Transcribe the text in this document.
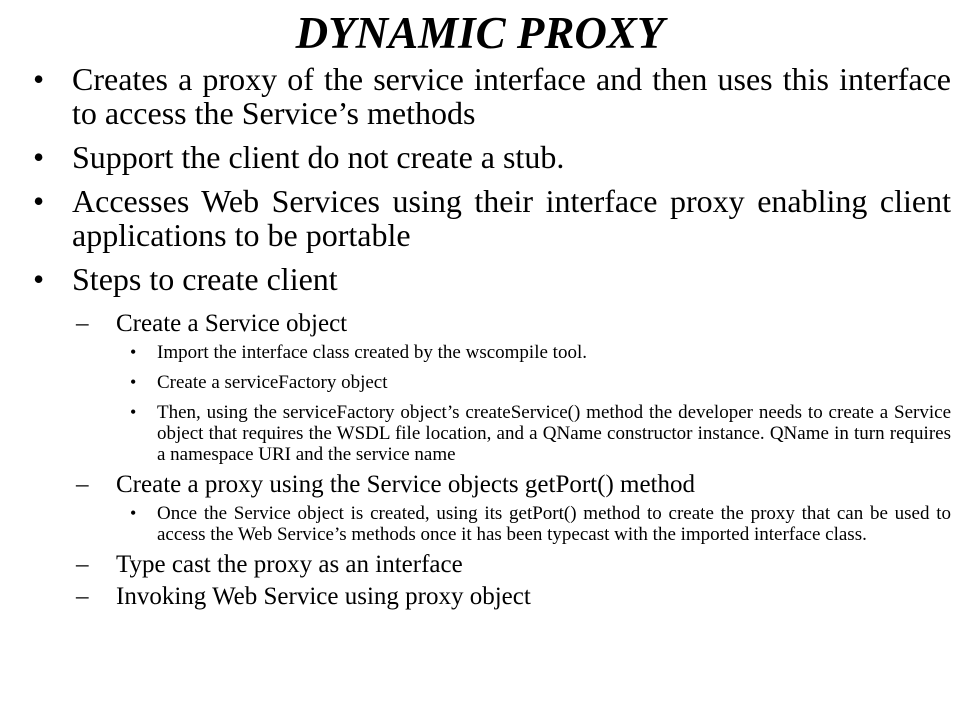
DYNAMIC PROXY
• Creates a proxy of the service interface and then uses this interface to access the Service’s methods
• Support the client do not create a stub.
• Accesses Web Services using their interface proxy enabling client applications to be portable
• Steps to create client
– Create a Service object
• Import the interface class created by the wscompile tool.
• Create a serviceFactory object
• Then, using the serviceFactory object’s createService() method the developer needs to create a Service object that requires the WSDL file location, and a QName constructor instance. QName in turn requires a namespace URI and the service name
– Create a proxy using the Service objects getPort() method
• Once the Service object is created, using its getPort() method to create the proxy that can be used to access the Web Service’s methods once it has been typecast with the imported interface class.
– Type cast the proxy as an interface
– Invoking Web Service using proxy object
